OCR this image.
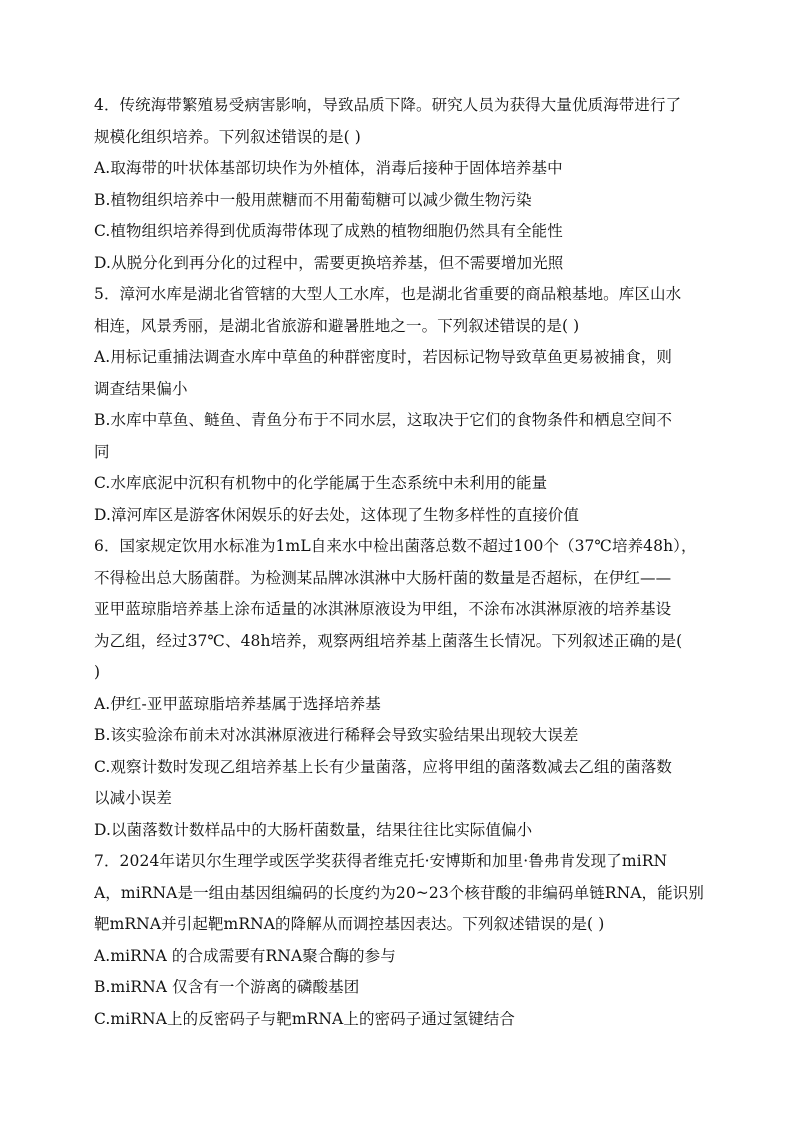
4．传统海带繁殖易受病害影响，导致品质下降。研究人员为获得大量优质海带进行了
规模化组织培养。下列叙述错误的是( )
A.取海带的叶状体基部切块作为外植体，消毒后接种于固体培养基中
B.植物组织培养中一般用蔗糖而不用葡萄糖可以减少微生物污染
C.植物组织培养得到优质海带体现了成熟的植物细胞仍然具有全能性
D.从脱分化到再分化的过程中，需要更换培养基，但不需要增加光照
5．漳河水库是湖北省管辖的大型人工水库，也是湖北省重要的商品粮基地。库区山水
相连，风景秀丽，是湖北省旅游和避暑胜地之一。下列叙述错误的是( )
A.用标记重捕法调查水库中草鱼的种群密度时，若因标记物导致草鱼更易被捕食，则
调查结果偏小
B.水库中草鱼、鲢鱼、青鱼分布于不同水层，这取决于它们的食物条件和栖息空间不
同
C.水库底泥中沉积有机物中的化学能属于生态系统中未利用的能量
D.漳河库区是游客休闲娱乐的好去处，这体现了生物多样性的直接价值
6．国家规定饮用水标准为1mL自来水中检出菌落总数不超过100个（37℃培养48h），
不得检出总大肠菌群。为检测某品牌冰淇淋中大肠杆菌的数量是否超标，在伊红——
亚甲蓝琼脂培养基上涂布适量的冰淇淋原液设为甲组，不涂布冰淇淋原液的培养基设
为乙组，经过37℃、48h培养，观察两组培养基上菌落生长情况。下列叙述正确的是(
)
A.伊红-亚甲蓝琼脂培养基属于选择培养基
B.该实验涂布前未对冰淇淋原液进行稀释会导致实验结果出现较大误差
C.观察计数时发现乙组培养基上长有少量菌落，应将甲组的菌落数减去乙组的菌落数
以减小误差
D.以菌落数计数样品中的大肠杆菌数量，结果往往比实际值偏小
7．2024年诺贝尔生理学或医学奖获得者维克托·安博斯和加里·鲁弗肯发现了miRN
A，miRNA是一组由基因组编码的长度约为20~23个核苷酸的非编码单链RNA，能识别
靶mRNA并引起靶mRNA的降解从而调控基因表达。下列叙述错误的是( )
A.miRNA 的合成需要有RNA聚合酶的参与
B.miRNA 仅含有一个游离的磷酸基团
C.miRNA上的反密码子与靶mRNA上的密码子通过氢键结合
